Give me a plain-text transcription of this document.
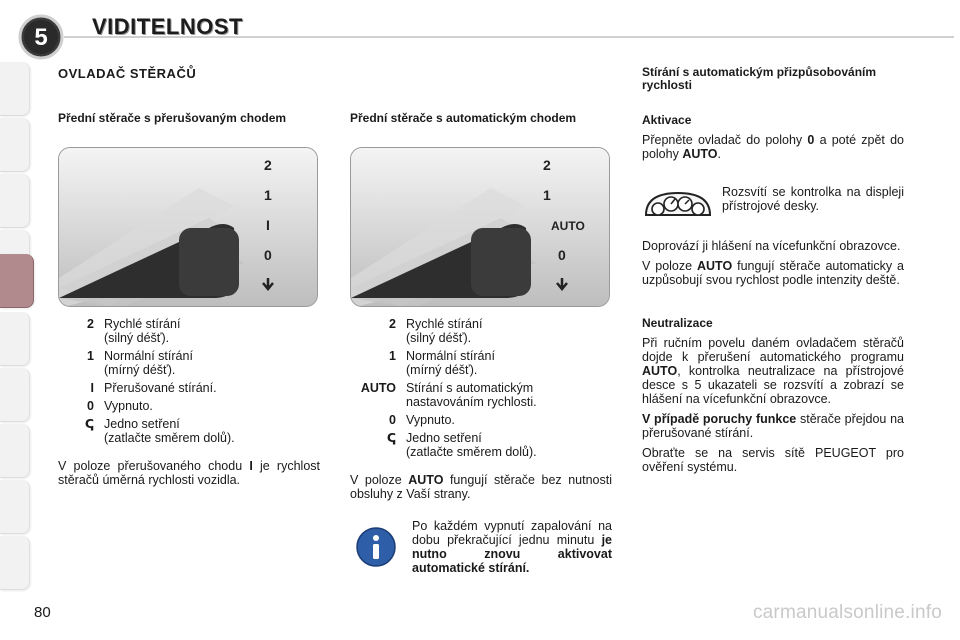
5 VIDITELNOST
OVLADAČ STĚRAČŮ
Přední stěrače s přerušovaným chodem
2
1
I
0
2 Rychlé stírání
(silný déšť).
1 Normální stírání
(mírný déšť).
I Přerušované stírání.
0 Vypnuto.
ↅ Jedno setření
(zatlačte směrem dolů).
V poloze přerušovaného chodu I je rychlost stěračů úměrná rychlosti vozidla.
Přední stěrače s automatickým chodem
2
1
AUTO
0
2 Rychlé stírání
(silný déšť).
1 Normální stírání
(mírný déšť).
AUTO Stírání s automatickým
nastavováním rychlosti.
0 Vypnuto.
ↅ Jedno setření
(zatlačte směrem dolů).
V poloze AUTO fungují stěrače bez nutnosti obsluhy z Vaší strany.
Po každém vypnutí zapalování na dobu překračující jednu minutu je nutno znovu aktivovat automatické stírání.
Stírání s automatickým přizpůsobováním rychlosti
Aktivace
Přepněte ovladač do polohy 0 a poté zpět do polohy AUTO.
Rozsvítí se kontrolka na displeji přístrojové desky.
Doprovází ji hlášení na vícefunkční obrazovce.
V poloze AUTO fungují stěrače automaticky a uzpůsobují svou rychlost podle intenzity deště.
Neutralizace
Při ručním povelu daném ovladačem stěračů dojde k přerušení automatického programu AUTO, kontrolka neutralizace na přístrojové desce s 5 ukazateli se rozsvítí a zobrazí se hlášení na vícefunkční obrazovce.
V případě poruchy funkce stěrače přejdou na přerušované stírání.
Obraťte se na servis sítě PEUGEOT pro ověření systému.
80	carmanualsonline.info
